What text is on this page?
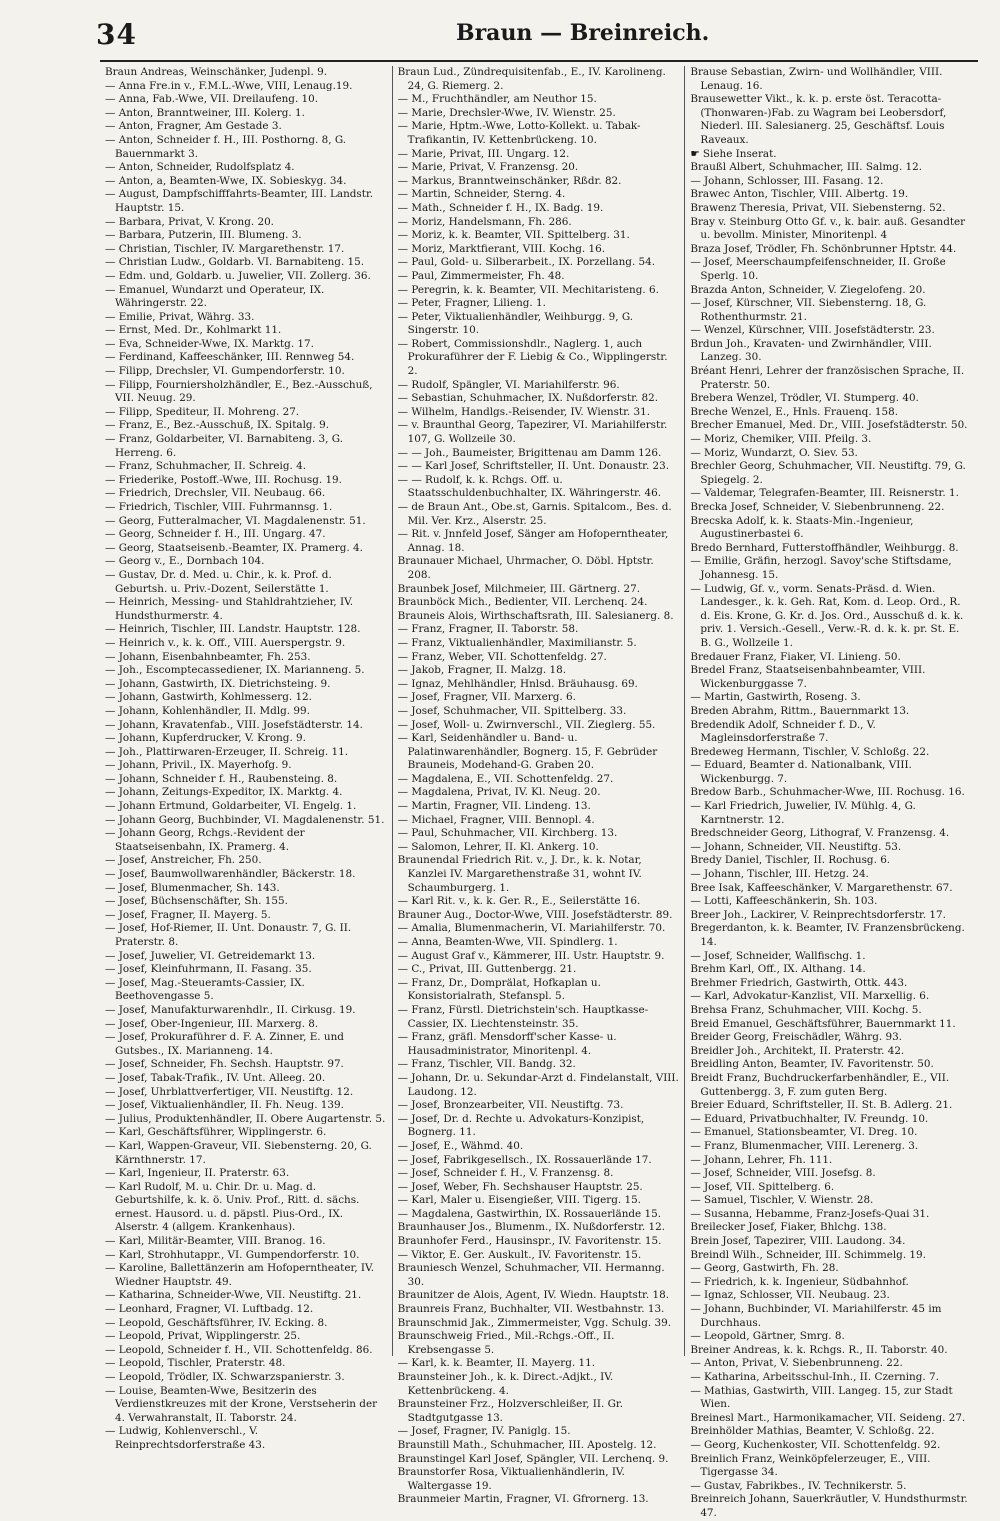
34	Braun — Breinreich.

Braun Andreas, Weinschänker, Judenpl. 9.

— Anna Fre.in v., F.M.L.-Wwe, VIII, Lenaug.19.

— Anna, Fab.-Wwe, VII. Dreilaufeng. 10.

— Anton, Branntweiner, III. Kolerg. 1.

— Anton, Fragner, Am Gestade 3.

— Anton, Schneider f. H., III. Posthorng. 8, G. Bauernmarkt 3.

— Anton, Schneider, Rudolfsplatz 4.

— Anton, a, Beamten-Wwe, IX. Sobieskyg. 34.

— August, Dampfschifffahrts-Beamter, III. Landstr. Hauptstr. 15.

— Barbara, Privat, V. Krong. 20.

— Barbara, Putzerin, III. Blumeng. 3.

— Christian, Tischler, IV. Margarethenstr. 17.

— Christian Ludw., Goldarb. VI. Barnabiteng. 15.

— Edm. und, Goldarb. u. Juwelier, VII. Zollerg. 36.

— Emanuel, Wundarzt und Operateur, IX. Währingerstr. 22.

— Emilie, Privat, Währg. 33.

— Ernst, Med. Dr., Kohlmarkt 11.

— Eva, Schneider-Wwe, IX. Marktg. 17.

— Ferdinand, Kaffeeschänker, III. Rennweg 54.

— Filipp, Drechsler, VI. Gumpendorferstr. 10.

— Filipp, Fourniersholzhändler, E., Bez.-Ausschuß, VII. Neuug. 29.

— Filipp, Spediteur, II. Mohreng. 27.

— Franz, E., Bez.-Ausschuß, IX. Spitalg. 9.

— Franz, Goldarbeiter, VI. Barnabiteng. 3, G. Herreng. 6.

— Franz, Schuhmacher, II. Schreig. 4.

— Friederike, Postoff.-Wwe, III. Rochusg. 19.

— Friedrich, Drechsler, VII. Neubaug. 66.

— Friedrich, Tischler, VIII. Fuhrmannsg. 1.

— Georg, Futteralmacher, VI. Magdalenenstr. 51.

— Georg, Schneider f. H., III. Ungarg. 47.

— Georg, Staatseisenb.-Beamter, IX. Pramerg. 4.

— Georg v., E., Dornbach 104.

— Gustav, Dr. d. Med. u. Chir., k. k. Prof. d. Geburtsh. u. Priv.-Dozent, Seilerstätte 1.

— Heinrich, Messing- und Stahldrahtzieher, IV. Hundsthurmerstr. 4.

— Heinrich, Tischler, III. Landstr. Hauptstr. 128.

— Heinrich v., k. k. Off., VIII. Auerspergstr. 9.

— Johann, Eisenbahnbeamter, Fh. 253.

— Joh., Escomptecassediener, IX. Marianneng. 5.

— Johann, Gastwirth, IX. Dietrichsteing. 9.

— Johann, Gastwirth, Kohlmesserg. 12.

— Johann, Kohlenhändler, II. Mdlg. 99.

— Johann, Kravatenfab., VIII. Josefstädterstr. 14.

— Johann, Kupferdrucker, V. Krong. 9.

— Joh., Plattirwaren-Erzeuger, II. Schreig. 11.

— Johann, Privil., IX. Mayerhofg. 9.

— Johann, Schneider f. H., Raubensteing. 8.

— Johann, Zeitungs-Expeditor, IX. Marktg. 4.

— Johann Ertmund, Goldarbeiter, VI. Engelg. 1.

— Johann Georg, Buchbinder, VI. Magdalenenstr. 51.

— Johann Georg, Rchgs.-Revident der Staatseisenbahn, IX. Pramerg. 4.

— Josef, Anstreicher, Fh. 250.

— Josef, Baumwollwarenhändler, Bäckerstr. 18.

— Josef, Blumenmacher, Sh. 143.

— Josef, Büchsenschäfter, Sh. 155.

— Josef, Fragner, II. Mayerg. 5.

— Josef, Hof-Riemer, II. Unt. Donaustr. 7, G. II. Praterstr. 8.

— Josef, Juwelier, VI. Getreidemarkt 13.

— Josef, Kleinfuhrmann, II. Fasang. 35.

— Josef, Mag.-Steueramts-Cassier, IX. Beethovengasse 5.

— Josef, Manufakturwarenhdlr., II. Cirkusg. 19.

— Josef, Ober-Ingenieur, III. Marxerg. 8.

— Josef, Prokuraführer d. F. A. Zinner, E. und Gutsbes., IX. Marianneng. 14.

— Josef, Schneider, Fh. Sechsh. Hauptstr. 97.

— Josef, Tabak-Trafik., IV. Unt. Alleeg. 20.

— Josef, Uhrblattverfertiger, VII. Neustiftg. 12.

— Josef, Viktualienhändler, II. Fh. Neug. 139.

— Julius, Produktenhändler, II. Obere Augartenstr. 5.

— Karl, Geschäftsführer, Wipplingerstr. 6.

— Karl, Wappen-Graveur, VII. Siebensterng. 20, G. Kärnthnerstr. 17.

— Karl, Ingenieur, II. Praterstr. 63.

— Karl Rudolf, M. u. Chir. Dr. u. Mag. d. Geburtshilfe, k. k. ö. Univ. Prof., Ritt. d. sächs. ernest. Hausord. u. d. päpstl. Pius-Ord., IX. Alserstr. 4 (allgem. Krankenhaus).

— Karl, Militär-Beamter, VIII. Branog. 16.

— Karl, Strohhutappr., VI. Gumpendorferstr. 10.

— Karoline, Ballettänzerin am Hofoperntheater, IV. Wiedner Hauptstr. 49.

— Katharina, Schneider-Wwe, VII. Neustiftg. 21.

— Leonhard, Fragner, VI. Luftbadg. 12.

— Leopold, Geschäftsführer, IV. Ecking. 8.

— Leopold, Privat, Wipplingerstr. 25.

— Leopold, Schneider f. H., VII. Schottenfeldg. 86.

— Leopold, Tischler, Praterstr. 48.

— Leopold, Trödler, IX. Schwarzspanierstr. 3.

— Louise, Beamten-Wwe, Besitzerin des Verdienstkreuzes mit der Krone, Verstseherin der 4. Verwahranstalt, II. Taborstr. 24.

— Ludwig, Kohlenverschl., V. Reinprechtsdorferstraße 43.

Braun Lud., Zündrequisitenfab., E., IV. Karolineng. 24, G. Riemerg. 2.

— M., Fruchthändler, am Neuthor 15.

— Marie, Drechsler-Wwe, IV. Wienstr. 25.

— Marie, Hptm.-Wwe, Lotto-Kollekt. u. Tabak-Trafikantin, IV. Kettenbrückeng. 10.

— Marie, Privat, III. Ungarg. 12.

— Marie, Privat, V. Franzensg. 20.

— Markus, Branntweinschänker, Rßdr. 82.

— Martin, Schneider, Sterng. 4.

— Math., Schneider f. H., IX. Badg. 19.

— Moriz, Handelsmann, Fh. 286.

— Moriz, k. k. Beamter, VII. Spittelberg. 31.

— Moriz, Marktfierant, VIII. Kochg. 16.

— Paul, Gold- u. Silberarbeit., IX. Porzellang. 54.

— Paul, Zimmermeister, Fh. 48.

— Peregrin, k. k. Beamter, VII. Mechitaristeng. 6.

— Peter, Fragner, Lilieng. 1.

— Peter, Viktualienhändler, Weihburgg. 9, G. Singerstr. 10.

— Robert, Commissionshdlr., Naglerg. 1, auch Prokuraführer der F. Liebig & Co., Wipplingerstr. 2.

— Rudolf, Spängler, VI. Mariahilferstr. 96.

— Sebastian, Schuhmacher, IX. Nußdorferstr. 82.

— Wilhelm, Handlgs.-Reisender, IV. Wienstr. 31.

— v. Braunthal Georg, Tapezirer, VI. Mariahilferstr. 107, G. Wollzeile 30.

— — Joh., Baumeister, Brigittenau am Damm 126.

— — Karl Josef, Schriftsteller, II. Unt. Donaustr. 23.

— — Rudolf, k. k. Rchgs. Off. u. Staatsschuldenbuchhalter, IX. Währingerstr. 46.

— de Braun Ant., Obe.st, Garnis. Spitalcom., Bes. d. Mil. Ver. Krz., Alserstr. 25.

— Rit. v. Jnnfeld Josef, Sänger am Hofoperntheater, Annag. 18.

Braunauer Michael, Uhrmacher, O. Döbl. Hptstr. 208.

Braunbek Josef, Milchmeier, III. Gärtnerg. 27.

Braunböck Mich., Bedienter, VII. Lerchenq. 24.

Brauneis Alois, Wirthschaftsrath, III. Salesianerg. 8.

— Franz, Fragner, II. Taborstr. 58.

— Franz, Viktualienhändler, Maximilianstr. 5.

— Franz, Weber, VII. Schottenfeldg. 27.

— Jakob, Fragner, II. Malzg. 18.

— Ignaz, Mehlhändler, Hnlsd. Bräuhausg. 69.

— Josef, Fragner, VII. Marxerg. 6.

— Josef, Schuhmacher, VII. Spittelberg. 33.

— Josef, Woll- u. Zwirnverschl., VII. Zieglerg. 55.

— Karl, Seidenhändler u. Band- u. Palatinwarenhändler, Bognerg. 15, F. Gebrüder Brauneis, Modehand-G. Graben 20.

— Magdalena, E., VII. Schottenfeldg. 27.

— Magdalena, Privat, IV. Kl. Neug. 20.

— Martin, Fragner, VII. Lindeng. 13.

— Michael, Fragner, VIII. Bennopl. 4.

— Paul, Schuhmacher, VII. Kirchberg. 13.

— Salomon, Lehrer, II. Kl. Ankerg. 10.

Braunendal Friedrich Rit. v., J. Dr., k. k. Notar, Kanzlei IV. Margarethenstraße 31, wohnt IV. Schaumburgerg. 1.

— Karl Rit. v., k. k. Ger. R., E., Seilerstätte 16.

Brauner Aug., Doctor-Wwe, VIII. Josefstädterstr. 89.

— Amalia, Blumenmacherin, VI. Mariahilferstr. 70.

— Anna, Beamten-Wwe, VII. Spindlerg. 1.

— August Graf v., Kämmerer, III. Ustr. Hauptstr. 9.

— C., Privat, III. Guttenbergg. 21.

— Franz, Dr., Domprälat, Hofkaplan u. Konsistorialrath, Stefanspl. 5.

— Franz, Fürstl. Dietrichstein'sch. Hauptkasse-Cassier, IX. Liechtensteinstr. 35.

— Franz, gräfl. Mensdorff'scher Kasse- u. Hausadministrator, Minoritenpl. 4.

— Franz, Tischler, VII. Bandg. 32.

— Johann, Dr. u. Sekundar-Arzt d. Findelanstalt, VIII. Laudong. 12.

— Josef, Bronzearbeiter, VII. Neustiftg. 73.

— Josef, Dr. d. Rechte u. Advokaturs-Konzipist, Bognerg. 11.

— Josef, E., Wähmd. 40.

— Josef, Fabrikgesellsch., IX. Rossauerlände 17.

— Josef, Schneider f. H., V. Franzensg. 8.

— Josef, Weber, Fh. Sechshauser Hauptstr. 25.

— Karl, Maler u. Eisengießer, VIII. Tigerg. 15.

— Magdalena, Gastwirthin, IX. Rossauerlände 15.

Braunhauser Jos., Blumenm., IX. Nußdorferstr. 12.

Braunhofer Ferd., Hausinspr., IV. Favoritenstr. 15.

— Viktor, E. Ger. Auskult., IV. Favoritenstr. 15.

Brauniesch Wenzel, Schuhmacher, VII. Hermanng. 30.

Braunitzer de Alois, Agent, IV. Wiedn. Hauptstr. 18.

Braunreis Franz, Buchhalter, VII. Westbahnstr. 13.

Braunschmid Jak., Zimmermeister, Vgg. Schulg. 39.

Braunschweig Fried., Mil.-Rchgs.-Off., II. Krebsengasse 5.

— Karl, k. k. Beamter, II. Mayerg. 11.

Braunsteiner Joh., k. k. Direct.-Adjkt., IV. Kettenbrückeng. 4.

Braunsteiner Frz., Holzverschleißer, II. Gr. Stadtgutgasse 13.

— Josef, Fragner, IV. Paniglg. 15.

Braunstill Math., Schuhmacher, III. Apostelg. 12.

Braunstingel Karl Josef, Spängler, VII. Lerchenq. 9.

Braunstorfer Rosa, Viktualienhändlerin, IV. Waltergasse 19.

Braunmeier Martin, Fragner, VI. Gfrornerg. 13.

Brause Sebastian, Zwirn- und Wollhändler, VIII. Lenaug. 16.

Brausewetter Vikt., k. k. p. erste öst. Teracotta-(Thonwaren-)Fab. zu Wagram bei Leobersdorf, Niederl. III. Salesianerg. 25, Geschäftsf. Louis Raveaux.

☛ Siehe Inserat.

Braußl Albert, Schuhmacher, III. Salmg. 12.

— Johann, Schlosser, III. Fasang. 12.

Brawec Anton, Tischler, VIII. Albertg. 19.

Brawenz Theresia, Privat, VII. Siebensterng. 52.

Bray v. Steinburg Otto Gf. v., k. bair. auß. Gesandter u. bevollm. Minister, Minoritenpl. 4

Braza Josef, Trödler, Fh. Schönbrunner Hptstr. 44.

— Josef, Meerschaumpfeifenschneider, II. Große Sperlg. 10.

Brazda Anton, Schneider, V. Ziegelofeng. 20.

— Josef, Kürschner, VII. Siebensterng. 18, G. Rothenthurmstr. 21.

— Wenzel, Kürschner, VIII. Josefstädterstr. 23.

Brdun Joh., Kravaten- und Zwirnhändler, VIII. Lanzeg. 30.

Bréant Henri, Lehrer der französischen Sprache, II. Praterstr. 50.

Brebera Wenzel, Trödler, VI. Stumperg. 40.

Breche Wenzel, E., Hnls. Frauenq. 158.

Brecher Emanuel, Med. Dr., VIII. Josefstädterstr. 50.

— Moriz, Chemiker, VIII. Pfeilg. 3.

— Moriz, Wundarzt, O. Siev. 53.

Brechler Georg, Schuhmacher, VII. Neustiftg. 79, G. Spiegelg. 2.

— Valdemar, Telegrafen-Beamter, III. Reisnerstr. 1.

Brecka Josef, Schneider, V. Siebenbrunneng. 22.

Brecska Adolf, k. k. Staats-Min.-Ingenieur, Augustinerbastei 6.

Bredo Bernhard, Futterstoffhändler, Weihburgg. 8.

— Emilie, Gräfin, herzogl. Savoy'sche Stiftsdame, Johannesg. 15.

— Ludwig, Gf. v., vorm. Senats-Präsd. d. Wien. Landesger., k. k. Geh. Rat, Kom. d. Leop. Ord., R. d. Eis. Krone, G. Kr. d. Jos. Ord., Ausschuß d. k. k. priv. 1. Versich.-Gesell., Verw.-R. d. k. k. pr. St. E. B. G., Wollzeile 1.

Bredauer Franz, Fiaker, VI. Linieng. 50.

Bredel Franz, Staatseisenbahnbeamter, VIII. Wickenburggasse 7.

— Martin, Gastwirth, Roseng. 3.

Breden Abrahm, Rittm., Bauernmarkt 13.

Bredendik Adolf, Schneider f. D., V. Magleinsdorferstraße 7.

Bredeweg Hermann, Tischler, V. Schloßg. 22.

— Eduard, Beamter d. Nationalbank, VIII. Wickenburgg. 7.

Bredow Barb., Schuhmacher-Wwe, III. Rochusg. 16.

— Karl Friedrich, Juwelier, IV. Mühlg. 4, G. Karntnerstr. 12.

Bredschneider Georg, Lithograf, V. Franzensg. 4.

— Johann, Schneider, VII. Neustiftg. 53.

Bredy Daniel, Tischler, II. Rochusg. 6.

— Johann, Tischler, III. Hetzg. 24.

Bree Isak, Kaffeeschänker, V. Margarethenstr. 67.

— Lotti, Kaffeeschänkerin, Sh. 103.

Breer Joh., Lackirer, V. Reinprechtsdorferstr. 17.

Bregerdanton, k. k. Beamter, IV. Franzensbrückeng. 14.

— Josef, Schneider, Wallfischg. 1.

Brehm Karl, Off., IX. Althang. 14.

Brehmer Friedrich, Gastwirth, Ottk. 443.

— Karl, Advokatur-Kanzlist, VII. Marxellig. 6.

Brehsa Franz, Schuhmacher, VIII. Kochg. 5.

Breid Emanuel, Geschäftsführer, Bauernmarkt 11.

Breider Georg, Freischädler, Währg. 93.

Breidler Joh., Architekt, II. Praterstr. 42.

Breidling Anton, Beamter, IV. Favoritenstr. 50.

Breidt Franz, Buchdruckerfarbenhändler, E., VII. Guttenbergg. 3, F. zum guten Berg.

Breier Eduard, Schriftsteller, II. St. B. Adlerg. 21.

— Eduard, Privatbuchhalter, IV. Freundg. 10.

— Emanuel, Stationsbeamter, VI. Dreg. 10.

— Franz, Blumenmacher, VIII. Lerenerg. 3.

— Johann, Lehrer, Fh. 111.

— Josef, Schneider, VIII. Josefsg. 8.

— Josef, VII. Spittelberg. 6.

— Samuel, Tischler, V. Wienstr. 28.

— Susanna, Hebamme, Franz-Josefs-Quai 31.

Breilecker Josef, Fiaker, Bhlchg. 138.

Brein Josef, Tapezirer, VIII. Laudong. 34.

Breindl Wilh., Schneider, III. Schimmelg. 19.

— Georg, Gastwirth, Fh. 28.

— Friedrich, k. k. Ingenieur, Südbahnhof.

— Ignaz, Schlosser, VII. Neubaug. 23.

— Johann, Buchbinder, VI. Mariahilferstr. 45 im Durchhaus.

— Leopold, Gärtner, Smrg. 8.

Breiner Andreas, k. k. Rchgs. R., II. Taborstr. 40.

— Anton, Privat, V. Siebenbrunneng. 22.

— Katharina, Arbeitsschul-Inh., II. Czerning. 7.

— Mathias, Gastwirth, VIII. Langeg. 15, zur Stadt Wien.

Breinesl Mart., Harmonikamacher, VII. Seideng. 27.

Breinhölder Mathias, Beamter, V. Schloßg. 22.

— Georg, Kuchenkoster, VII. Schottenfeldg. 92.

Breinlich Franz, Weinköpfelerzeuger, E., VIII. Tigergasse 34.

— Gustav, Fabrikbes., IV. Technikerstr. 5.

Breinreich Johann, Sauerkräutler, V. Hundsthurmstr. 47.
